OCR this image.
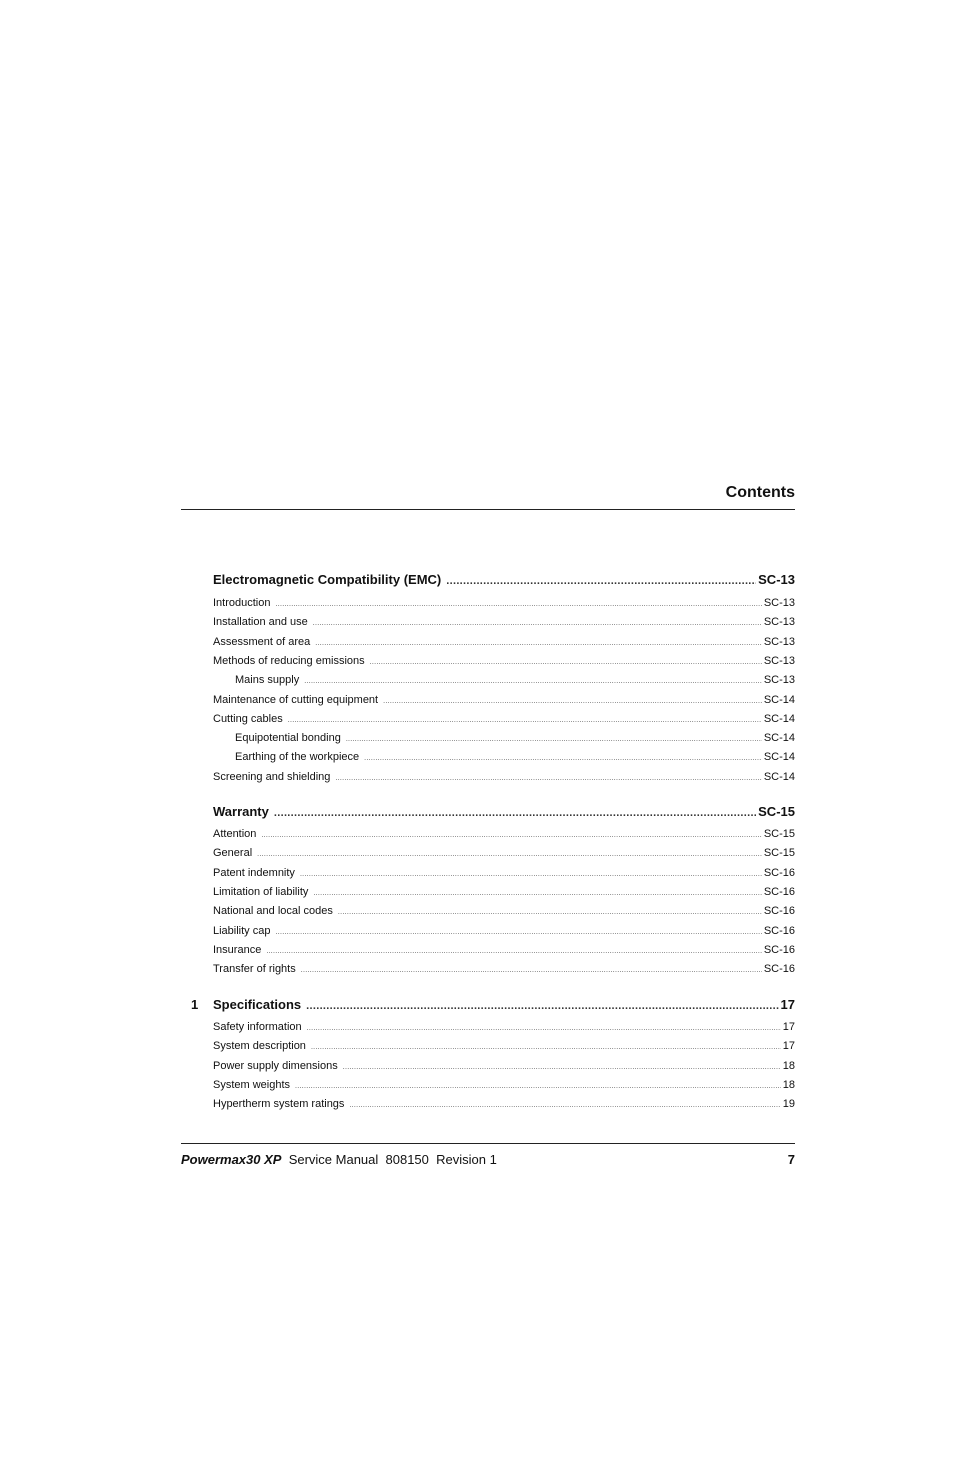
Contents
Electromagnetic Compatibility (EMC) .....	SC-13
Introduction .....	SC-13
Installation and use .....	SC-13
Assessment of area .....	SC-13
Methods of reducing emissions .....	SC-13
Mains supply .....	SC-13
Maintenance of cutting equipment .....	SC-14
Cutting cables .....	SC-14
Equipotential bonding .....	SC-14
Earthing of the workpiece .....	SC-14
Screening and shielding .....	SC-14
Warranty .....	SC-15
Attention .....	SC-15
General .....	SC-15
Patent indemnity .....	SC-16
Limitation of liability .....	SC-16
National and local codes .....	SC-16
Liability cap .....	SC-16
Insurance .....	SC-16
Transfer of rights .....	SC-16
1 Specifications .....	17
Safety information .....	17
System description .....	17
Power supply dimensions .....	18
System weights .....	18
Hypertherm system ratings .....	19
Powermax30 XP Service Manual  808150  Revision 1	7
